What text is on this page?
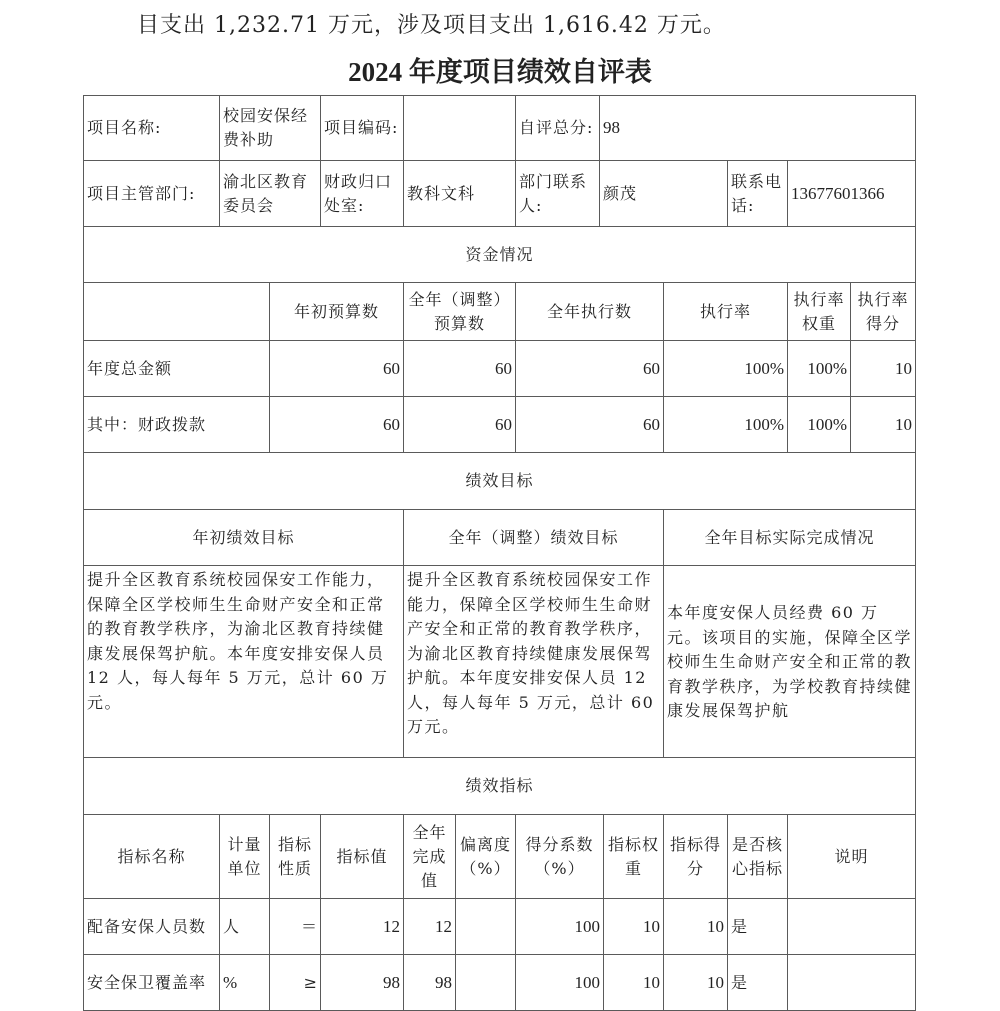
目支出 1,232.71 万元，涉及项目支出 1,616.42 万元。
2024 年度项目绩效自评表
项目名称:	校园安保经费补助		项目编码:			自评总分:	98					
项目主管部门:	渝北区教育委员会		财政归口处室:	教科文科		部门联系人:	颜茂			联系电话:	13677601366	
资金情况												
		年初预算数		全年（调整）预算数		全年执行数			执行率		执行率权重	执行率得分
年度总金额		60		60		60			100%		100%	10
其中：财政拨款		60		60		60			100%		100%	10
绩效目标												
年初绩效目标				全年（调整）绩效目标					全年目标实际完成情况			
提升全区教育系统校园保安工作能力，保障全区学校师生生命财产安全和正常的教育教学秩序，为渝北区教育持续健康发展保驾护航。本年度安排安保人员 12 人，每人每年 5 万元，总计 60 万元。				提升全区教育系统校园保安工作能力，保障全区学校师生生命财产安全和正常的教育教学秩序，为渝北区教育持续健康发展保驾护航。本年度安排安保人员 12 人，每人每年 5 万元，总计 60 万元。					本年度安保人员经费 60 万元。该项目的实施，保障全区学校师生生命财产安全和正常的教育教学秩序，为学校教育持续健康发展保驾护航			
绩效指标												
指标名称	计量单位	指标性质	指标值	全年完成值	偏离度（%）	得分系数（%）		指标权重	指标得分	是否核心指标	说明	
配备安保人员数	人	＝	12	12		100		10	10	是		
安全保卫覆盖率	%	≥	98	98		100		10	10	是		
